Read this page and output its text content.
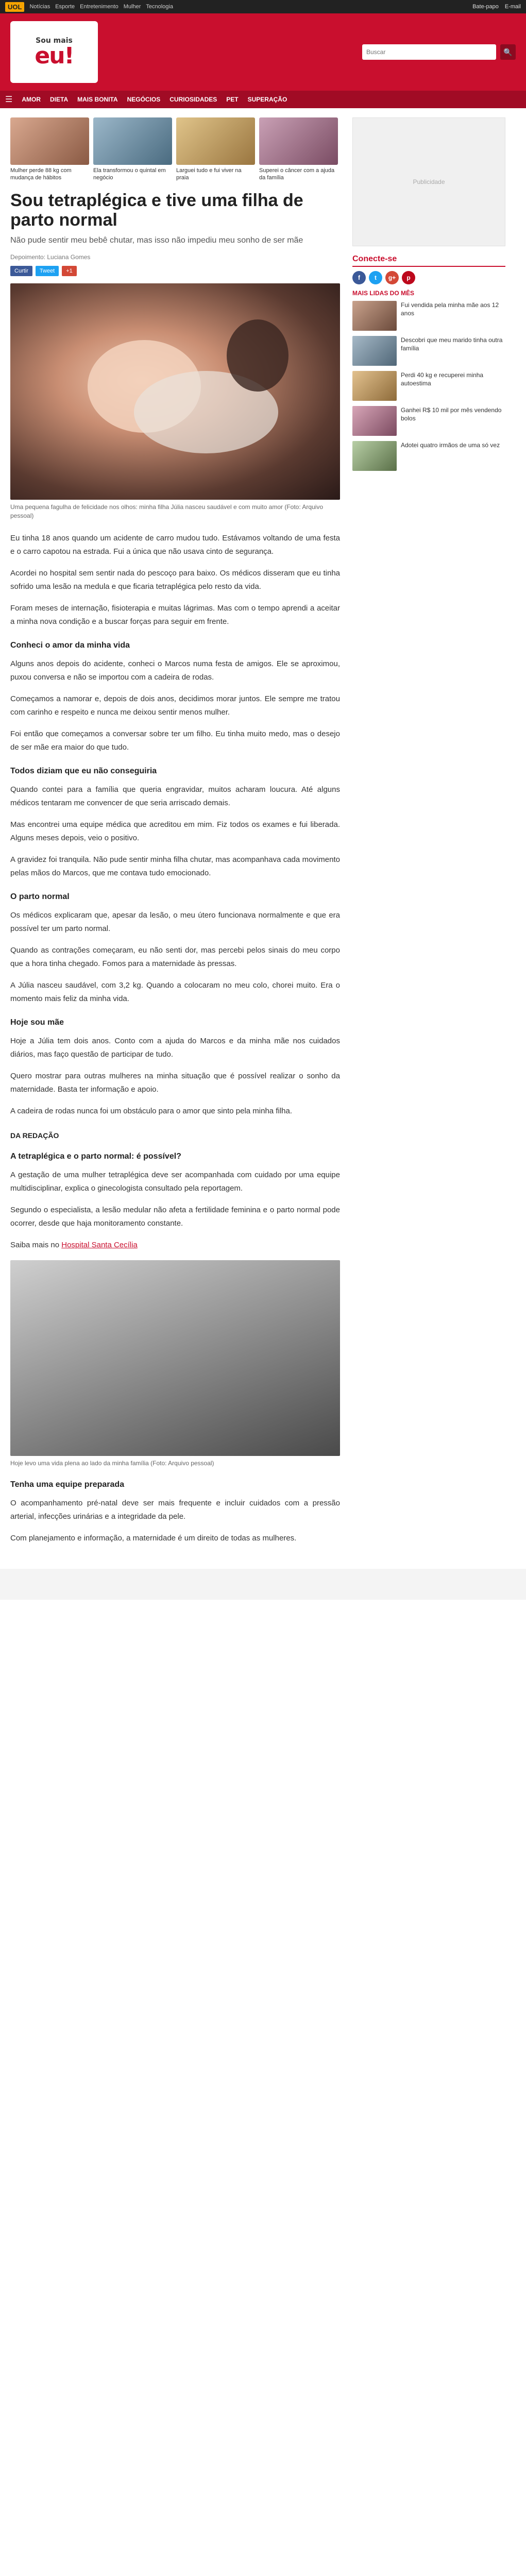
UOL	Notícias Esporte Entretenimento Mulher Tecnologia	Bate-papo E-mail
Sou mais
eu!
Buscar	🔍
☰ AMOR DIETA MAIS BONITA NEGÓCIOS CURIOSIDADES PET SUPERAÇÃO
Mulher perde 88 kg com mudança de hábitos
Ela transformou o quintal em negócio
Larguei tudo e fui viver na praia
Superei o câncer com a ajuda da família
Sou tetraplégica e tive uma filha de parto normal

Não pude sentir meu bebê chutar, mas isso não impediu meu sonho de ser mãe

Depoimento: Luciana Gomes
Curtir	Tweet	+1
Uma pequena fagulha de felicidade nos olhos: minha filha Júlia nasceu saudável e com muito amor (Foto: Arquivo pessoal)

Eu tinha 18 anos quando um acidente de carro mudou tudo. Estávamos voltando de uma festa e o carro capotou na estrada. Fui a única que não usava cinto de segurança.

Acordei no hospital sem sentir nada do pescoço para baixo. Os médicos disseram que eu tinha sofrido uma lesão na medula e que ficaria tetraplégica pelo resto da vida.

Foram meses de internação, fisioterapia e muitas lágrimas. Mas com o tempo aprendi a aceitar a minha nova condição e a buscar forças para seguir em frente.

Conheci o amor da minha vida

Alguns anos depois do acidente, conheci o Marcos numa festa de amigos. Ele se aproximou, puxou conversa e não se importou com a cadeira de rodas.

Começamos a namorar e, depois de dois anos, decidimos morar juntos. Ele sempre me tratou com carinho e respeito e nunca me deixou sentir menos mulher.

Foi então que começamos a conversar sobre ter um filho. Eu tinha muito medo, mas o desejo de ser mãe era maior do que tudo.

Todos diziam que eu não conseguiria

Quando contei para a família que queria engravidar, muitos acharam loucura. Até alguns médicos tentaram me convencer de que seria arriscado demais.

Mas encontrei uma equipe médica que acreditou em mim. Fiz todos os exames e fui liberada. Alguns meses depois, veio o positivo.

A gravidez foi tranquila. Não pude sentir minha filha chutar, mas acompanhava cada movimento pelas mãos do Marcos, que me contava tudo emocionado.

O parto normal

Os médicos explicaram que, apesar da lesão, o meu útero funcionava normalmente e que era possível ter um parto normal.

Quando as contrações começaram, eu não senti dor, mas percebi pelos sinais do meu corpo que a hora tinha chegado. Fomos para a maternidade às pressas.

A Júlia nasceu saudável, com 3,2 kg. Quando a colocaram no meu colo, chorei muito. Era o momento mais feliz da minha vida.

Hoje sou mãe

Hoje a Júlia tem dois anos. Conto com a ajuda do Marcos e da minha mãe nos cuidados diários, mas faço questão de participar de tudo.

Quero mostrar para outras mulheres na minha situação que é possível realizar o sonho da maternidade. Basta ter informação e apoio.

A cadeira de rodas nunca foi um obstáculo para o amor que sinto pela minha filha.

DA REDAÇÃO
A tetraplégica e o parto normal: é possível?

A gestação de uma mulher tetraplégica deve ser acompanhada com cuidado por uma equipe multidisciplinar, explica o ginecologista consultado pela reportagem.

Segundo o especialista, a lesão medular não afeta a fertilidade feminina e o parto normal pode ocorrer, desde que haja monitoramento constante.

Saiba mais no Hospital Santa Cecília

Hoje levo uma vida plena ao lado da minha família (Foto: Arquivo pessoal)
Tenha uma equipe preparada

O acompanhamento pré-natal deve ser mais frequente e incluir cuidados com a pressão arterial, infecções urinárias e a integridade da pele.

Com planejamento e informação, a maternidade é um direito de todas as mulheres.

Publicidade
Conecte-se
f	t	g+	p
MAIS LIDAS DO MÊS
Fui vendida pela minha mãe aos 12 anos
Descobri que meu marido tinha outra família
Perdi 40 kg e recuperei minha autoestima
Ganhei R$ 10 mil por mês vendendo bolos
Adotei quatro irmãos de uma só vez
